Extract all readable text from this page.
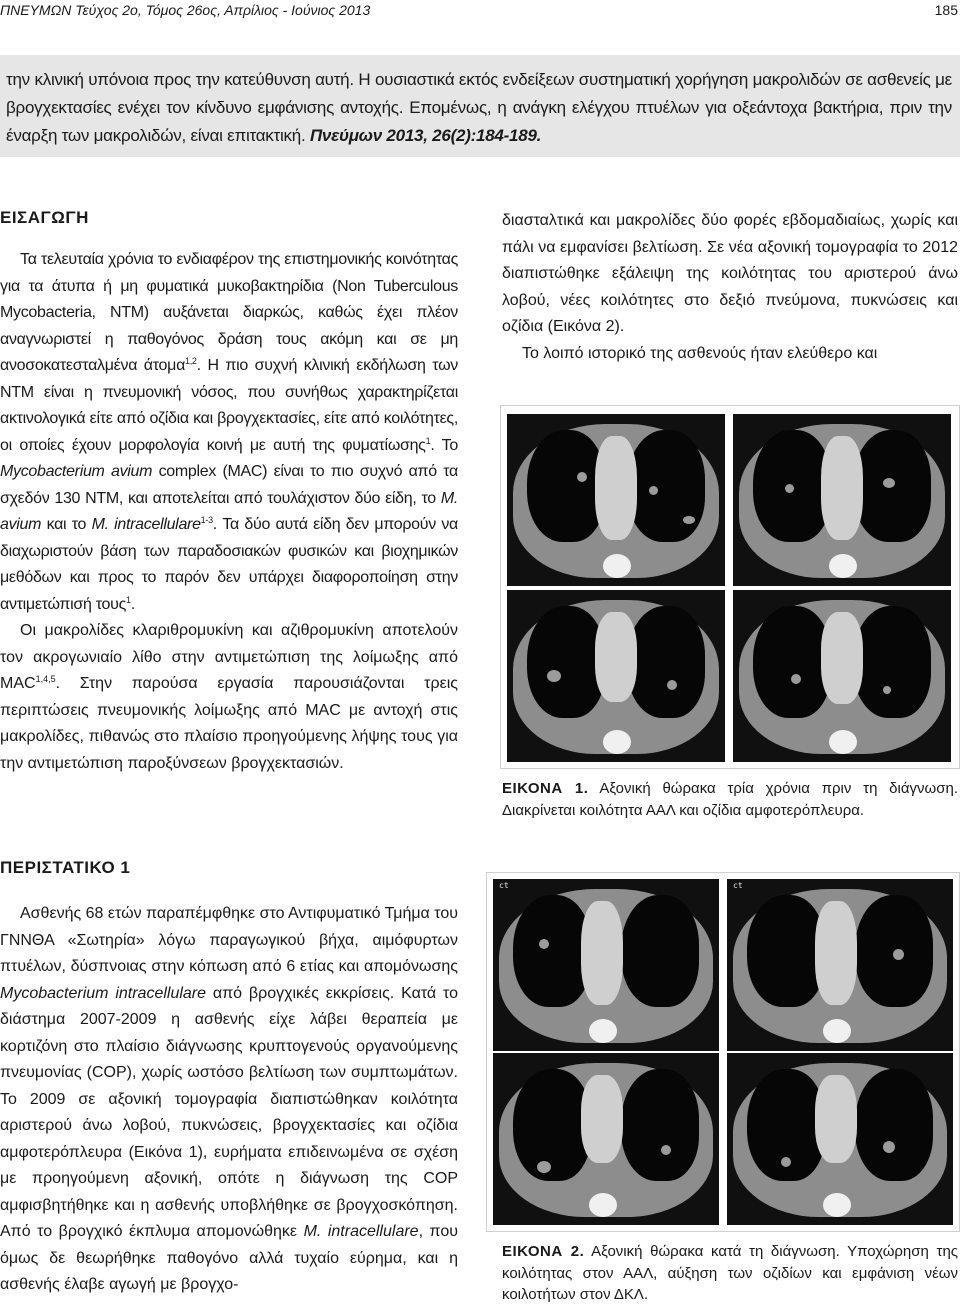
ΠΝΕΥΜΩΝ Τεύχος 2ο, Τόμος 26ος, Απρίλιος - Ιούνιος 2013	185

την κλινική υπόνοια προς την κατεύθυνση αυτή. Η ουσιαστικά εκτός ενδείξεων συστηματική χορήγηση μακρολιδών σε ασθενείς με βρογχεκτασίες ενέχει τον κίνδυνο εμφάνισης αντοχής. Επομένως, η ανάγκη ελέγχου πτυέλων για οξεάντοχα βακτήρια, πριν την έναρξη των μακρολιδών, είναι επιτακτική. Πνεύμων 2013, 26(2):184-189.

ΕΙΣΑΓΩΓΗ

Τα τελευταία χρόνια το ενδιαφέρον της επιστημονικής κοινότητας για τα άτυπα ή μη φυματικά μυκοβακτηρίδια (Non Tuberculous Mycobacteria, NTM) αυξάνεται διαρκώς, καθώς έχει πλέον αναγνωριστεί η παθογόνος δράση τους ακόμη και σε μη ανοσοκατεσταλμένα άτομα$^{1,2}$. Η πιο συχνή κλινική εκδήλωση των NTM είναι η πνευμονική νόσος, που συνήθως χαρακτηρίζεται ακτινολογικά είτε από οζίδια και βρογχεκτασίες, είτε από κοιλότητες, οι οποίες έχουν μορφολογία κοινή με αυτή της φυματίωσης$^1$. Το Mycobacterium avium complex (MAC) είναι το πιο συχνό από τα σχεδόν 130 NTM, και αποτελείται από τουλάχιστον δύο είδη, το M. avium και το M. intracellulare$^{1-3}$. Τα δύο αυτά είδη δεν μπορούν να διαχωριστούν βάση των παραδοσιακών φυσικών και βιοχημικών μεθόδων και προς το παρόν δεν υπάρχει διαφοροποίηση στην αντιμετώπισή τους$^1$.

Οι μακρολίδες κλαριθρομυκίνη και αζιθρομυκίνη αποτελούν τον ακρογωνιαίο λίθο στην αντιμετώπιση της λοίμωξης από MAC$^{1,4,5}$. Στην παρούσα εργασία παρουσιάζονται τρεις περιπτώσεις πνευμονικής λοίμωξης από MAC με αντοχή στις μακρολίδες, πιθανώς στο πλαίσιο προηγούμενης λήψης τους για την αντιμετώπιση παροξύνσεων βρογχεκτασιών.

ΠΕΡΙΣΤΑΤΙΚΟ 1

Ασθενής 68 ετών παραπέμφθηκε στο Αντιφυματικό Τμήμα του ΓΝΝΘΑ «Σωτηρία» λόγω παραγωγικού βήχα, αιμόφυρτων πτυέλων, δύσπνοιας στην κόπωση από 6 ετίας και απομόνωσης Mycobacterium intracellulare από βρογχικές εκκρίσεις. Κατά το διάστημα 2007-2009 η ασθενής είχε λάβει θεραπεία με κορτιζόνη στο πλαίσιο διάγνωσης κρυπτογενούς οργανούμενης πνευμονίας (COP), χωρίς ωστόσο βελτίωση των συμπτωμάτων. Το 2009 σε αξονική τομογραφία διαπιστώθηκαν κοιλότητα αριστερού άνω λοβού, πυκνώσεις, βρογχεκτασίες και οζίδια αμφοτερόπλευρα (Εικόνα 1), ευρήματα επιδεινωμένα σε σχέση με προηγούμενη αξονική, οπότε η διάγνωση της COP αμφισβητήθηκε και η ασθενής υποβλήθηκε σε βρογχοσκόπηση. Από το βρογχικό έκπλυμα απομονώθηκε M. intracellulare, που όμως δε θεωρήθηκε παθογόνο αλλά τυχαίο εύρημα, και η ασθενής έλαβε αγωγή με βρογχο-

διασταλτικά και μακρολίδες δύο φορές εβδομαδιαίως, χωρίς και πάλι να εμφανίσει βελτίωση. Σε νέα αξονική τομογραφία το 2012 διαπιστώθηκε εξάλειψη της κοιλότητας του αριστερού άνω λοβού, νέες κοιλότητες στο δεξιό πνεύμονα, πυκνώσεις και οζίδια (Εικόνα 2).

Το λοιπό ιστορικό της ασθενούς ήταν ελεύθερο και

ΕΙΚΟΝΑ 1. Αξονική θώρακα τρία χρόνια πριν τη διάγνωση. Διακρίνεται κοιλότητα ΑΑΛ και οζίδια αμφοτερόπλευρα.

ct	ct

ΕΙΚΟΝΑ 2. Αξονική θώρακα κατά τη διάγνωση. Υποχώρηση της κοιλότητας στον ΑΑΛ, αύξηση των οζιδίων και εμφάνιση νέων κοιλοτήτων στον ΔΚΛ.
